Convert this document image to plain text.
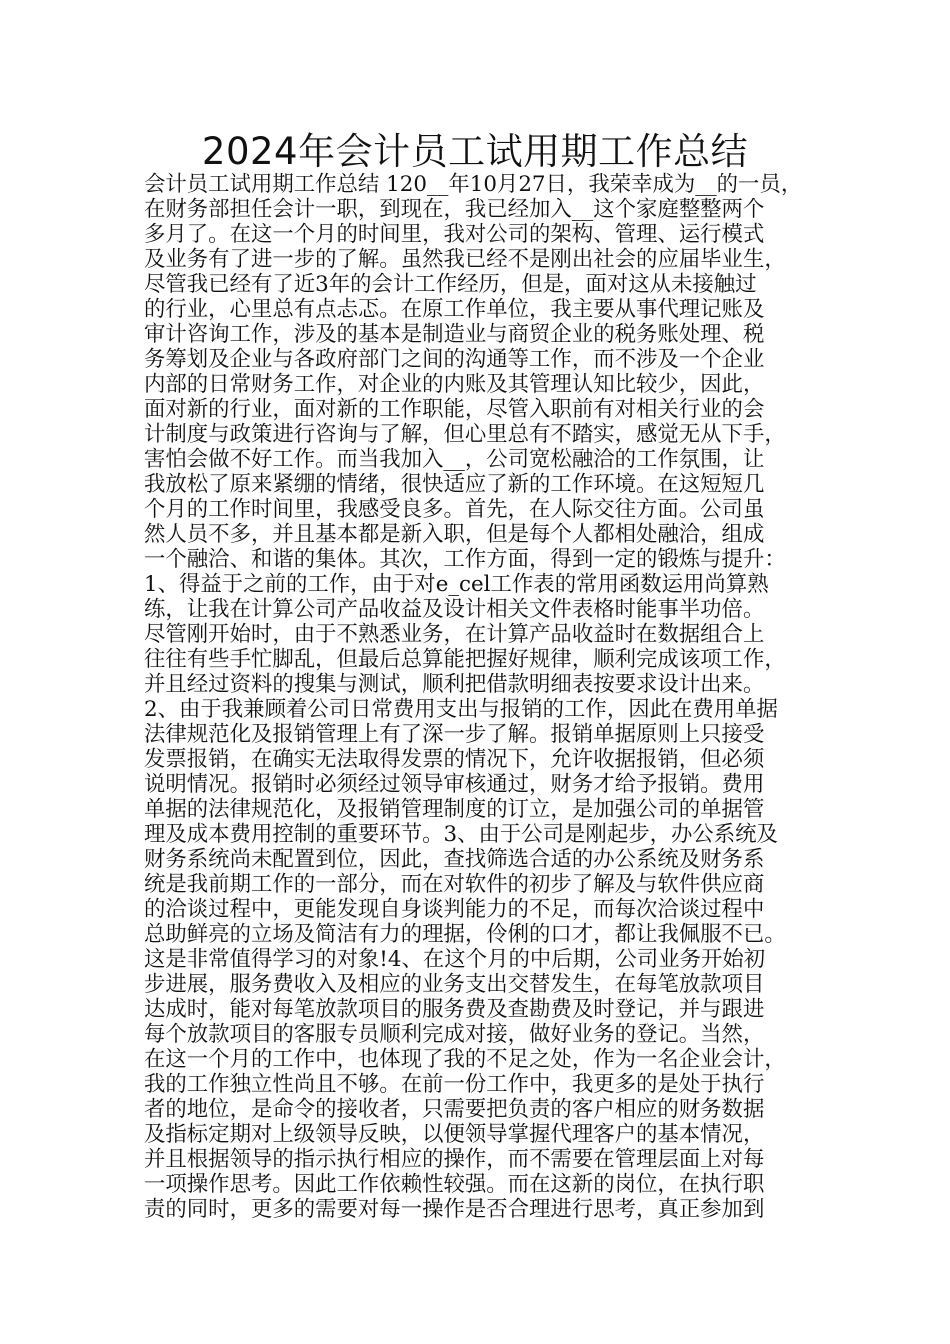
2024年会计员工试用期工作总结
会计员工试用期工作总结 120__年10月27日，我荣幸成为__的一员，
在财务部担任会计一职，到现在，我已经加入__这个家庭整整两个
多月了。在这一个月的时间里，我对公司的架构、管理、运行模式
及业务有了进一步的了解。虽然我已经不是刚出社会的应届毕业生，
尽管我已经有了近3年的会计工作经历，但是，面对这从未接触过
的行业，心里总有点忐忑。在原工作单位，我主要从事代理记账及
审计咨询工作，涉及的基本是制造业与商贸企业的税务账处理、税
务筹划及企业与各政府部门之间的沟通等工作，而不涉及一个企业
内部的日常财务工作，对企业的内账及其管理认知比较少，因此，
面对新的行业，面对新的工作职能，尽管入职前有对相关行业的会
计制度与政策进行咨询与了解，但心里总有不踏实，感觉无从下手，
害怕会做不好工作。而当我加入__，公司宽松融洽的工作氛围，让
我放松了原来紧绷的情绪，很快适应了新的工作环境。在这短短几
个月的工作时间里，我感受良多。首先，在人际交往方面。公司虽
然人员不多，并且基本都是新入职，但是每个人都相处融洽，组成
一个融洽、和谐的集体。其次，工作方面，得到一定的锻炼与提升：
1、得益于之前的工作，由于对e_cel工作表的常用函数运用尚算熟
练，让我在计算公司产品收益及设计相关文件表格时能事半功倍。
尽管刚开始时，由于不熟悉业务，在计算产品收益时在数据组合上
往往有些手忙脚乱，但最后总算能把握好规律，顺利完成该项工作，
并且经过资料的搜集与测试，顺利把借款明细表按要求设计出来。
2、由于我兼顾着公司日常费用支出与报销的工作，因此在费用单据
法律规范化及报销管理上有了深一步了解。报销单据原则上只接受
发票报销，在确实无法取得发票的情况下，允许收据报销，但必须
说明情况。报销时必须经过领导审核通过，财务才给予报销。费用
单据的法律规范化，及报销管理制度的订立，是加强公司的单据管
理及成本费用控制的重要环节。3、由于公司是刚起步，办公系统及
财务系统尚未配置到位，因此，查找筛选合适的办公系统及财务系
统是我前期工作的一部分，而在对软件的初步了解及与软件供应商
的洽谈过程中，更能发现自身谈判能力的不足，而每次洽谈过程中
总助鲜亮的立场及简洁有力的理据，伶俐的口才，都让我佩服不已。
这是非常值得学习的对象!4、在这个月的中后期，公司业务开始初
步进展，服务费收入及相应的业务支出交替发生，在每笔放款项目
达成时，能对每笔放款项目的服务费及查勘费及时登记，并与跟进
每个放款项目的客服专员顺利完成对接，做好业务的登记。当然，
在这一个月的工作中，也体现了我的不足之处，作为一名企业会计，
我的工作独立性尚且不够。在前一份工作中，我更多的是处于执行
者的地位，是命令的接收者，只需要把负责的客户相应的财务数据
及指标定期对上级领导反映，以便领导掌握代理客户的基本情况，
并且根据领导的指示执行相应的操作，而不需要在管理层面上对每
一项操作思考。因此工作依赖性较强。而在这新的岗位，在执行职
责的同时，更多的需要对每一操作是否合理进行思考，真正参加到
